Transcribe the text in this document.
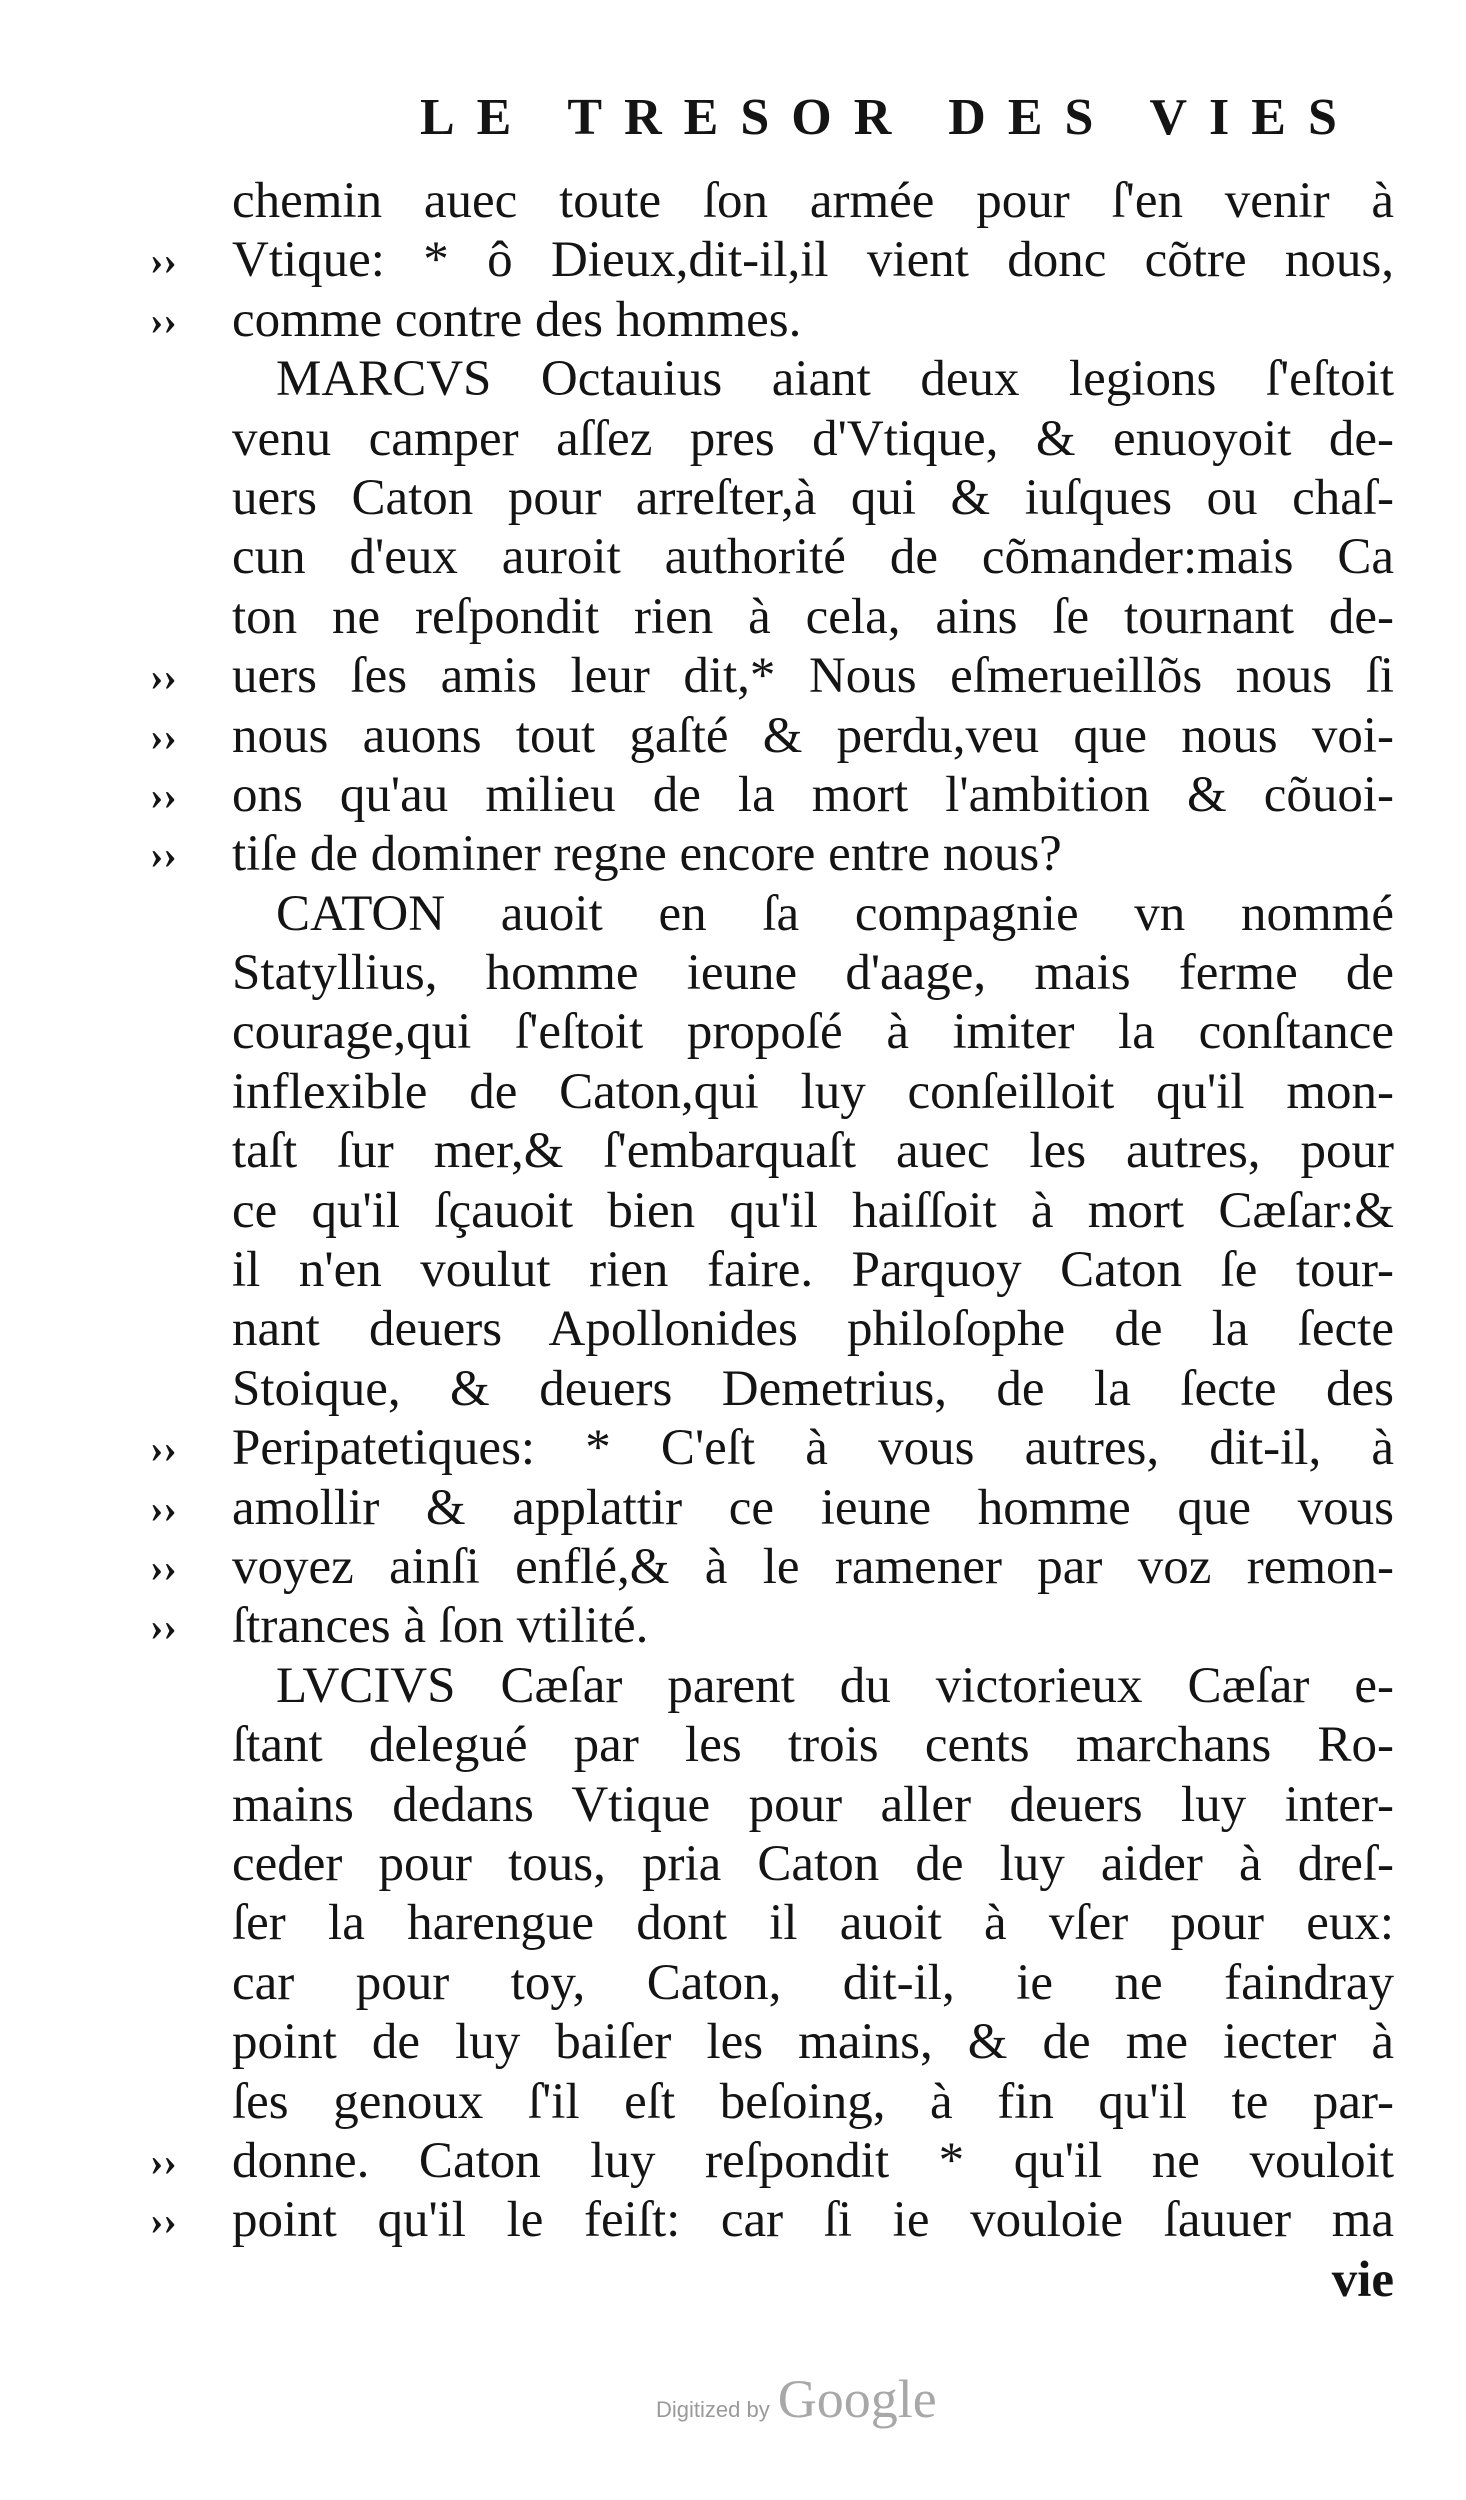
LE TRESOR DES VIES
››
››
››
››
››
››
››
››
››
››
››
››
chemin auec toute ſon armée pour ſ'en venir à
Vtique: * ô Dieux,dit-il,il vient donc cõtre nous,
comme contre des hommes.
MARCVS Octauius aiant deux legions ſ'eſtoit
venu camper aſſez pres d'Vtique, & enuoyoit de-
uers Caton pour arreſter,à qui & iuſques ou chaſ-
cun d'eux auroit authorité de cõmander:mais Ca
ton ne reſpondit rien à cela, ains ſe tournant de-
uers ſes amis leur dit,* Nous eſmerueillõs nous ſi
nous auons tout gaſté & perdu,veu que nous voi-
ons qu'au milieu de la mort l'ambition & cõuoi-
tiſe de dominer regne encore entre nous?
CATON auoit en ſa compagnie vn nommé
Statyllius, homme ieune d'aage, mais ferme de
courage,qui ſ'eſtoit propoſé à imiter la conſtance
inflexible de Caton,qui luy conſeilloit qu'il mon-
taſt ſur mer,& ſ'embarquaſt auec les autres, pour
ce qu'il ſçauoit bien qu'il haiſſoit à mort Cæſar:&
il n'en voulut rien faire. Parquoy Caton ſe tour-
nant deuers Apollonides philoſophe de la ſecte
Stoique, & deuers Demetrius, de la ſecte des
Peripatetiques: * C'eſt à vous autres, dit-il, à
amollir & applattir ce ieune homme que vous
voyez ainſi enflé,& à le ramener par voz remon-
ſtrances à ſon vtilité.
LVCIVS Cæſar parent du victorieux Cæſar e-
ſtant delegué par les trois cents marchans Ro-
mains dedans Vtique pour aller deuers luy inter-
ceder pour tous, pria Caton de luy aider à dreſ-
ſer la harengue dont il auoit à vſer pour eux:
car pour toy, Caton, dit-il, ie ne faindray
point de luy baiſer les mains, & de me iecter à
ſes genoux ſ'il eſt beſoing, à fin qu'il te par-
donne. Caton luy reſpondit * qu'il ne vouloit
point qu'il le feiſt: car ſi ie vouloie ſauuer ma
vie
Digitized by Google
